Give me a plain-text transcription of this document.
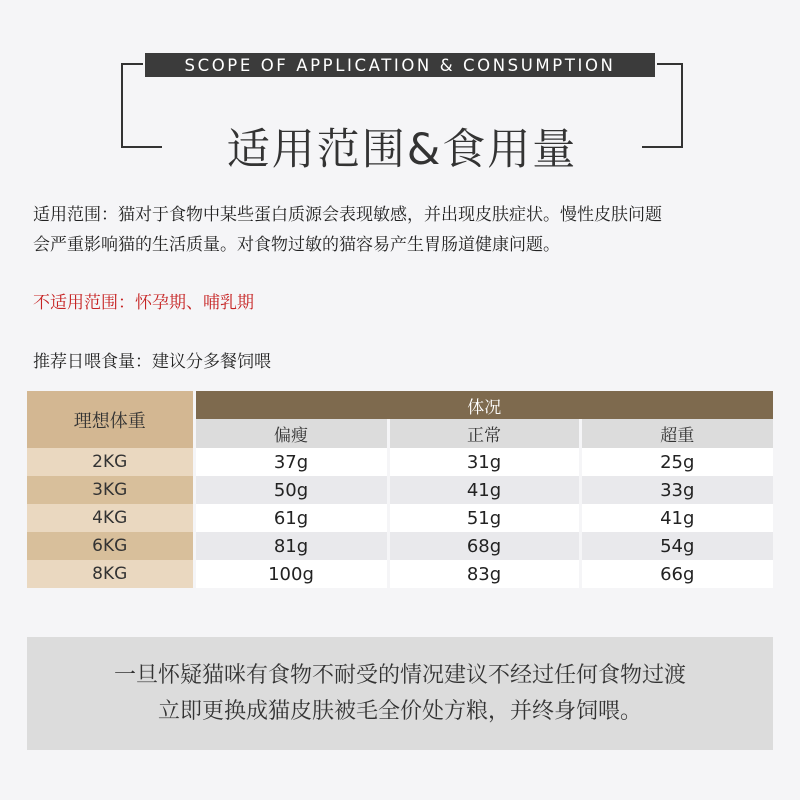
SCOPE OF APPLICATION & CONSUMPTION
适用范围&食用量
适用范围：猫对于食物中某些蛋白质源会表现敏感，并出现皮肤症状。慢性皮肤问题
会严重影响猫的生活质量。对食物过敏的猫容易产生胃肠道健康问题。
不适用范围：怀孕期、哺乳期
推荐日喂食量：建议分多餐饲喂
理想体重	体况		
	偏瘦	正常	超重
2KG	37g	31g	25g
3KG	50g	41g	33g
4KG	61g	51g	41g
6KG	81g	68g	54g
8KG	100g	83g	66g
一旦怀疑猫咪有食物不耐受的情况建议不经过任何食物过渡
立即更换成猫皮肤被毛全价处方粮，并终身饲喂。
